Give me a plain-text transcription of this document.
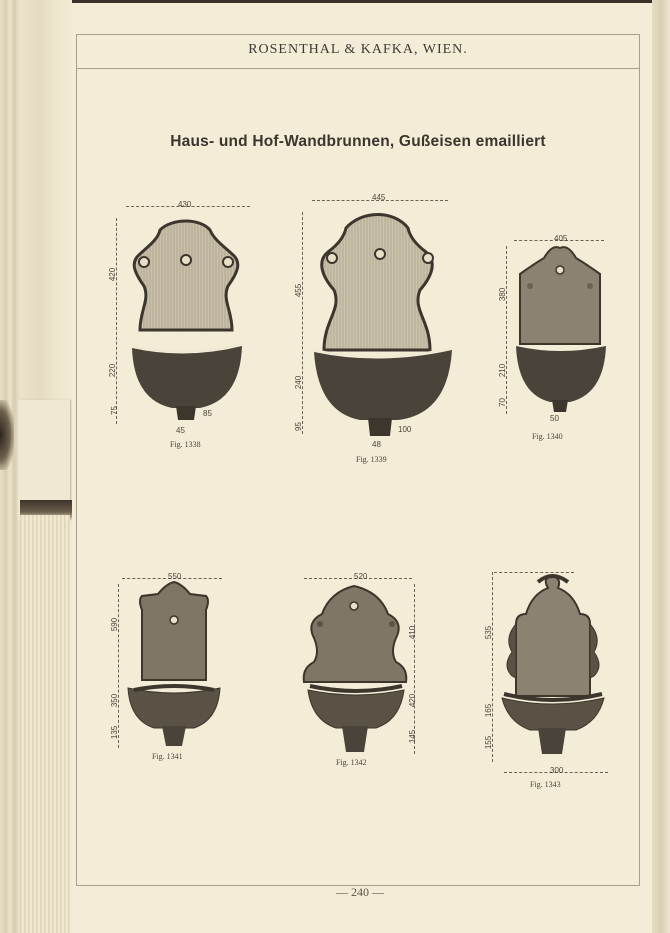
ROSENTHAL & KAFKA, WIEN.
Haus- und Hof-Wandbrunnen, Gußeisen emailliert
430
420
220
75	85
45
Fig. 1338
445
455
240
95	100
48
Fig. 1339
405
380
210
70
50
Fig. 1340
550
590
350
135
Fig. 1341
520
410
420
145
Fig. 1342
535
165
155
300
Fig. 1343
— 240 —
